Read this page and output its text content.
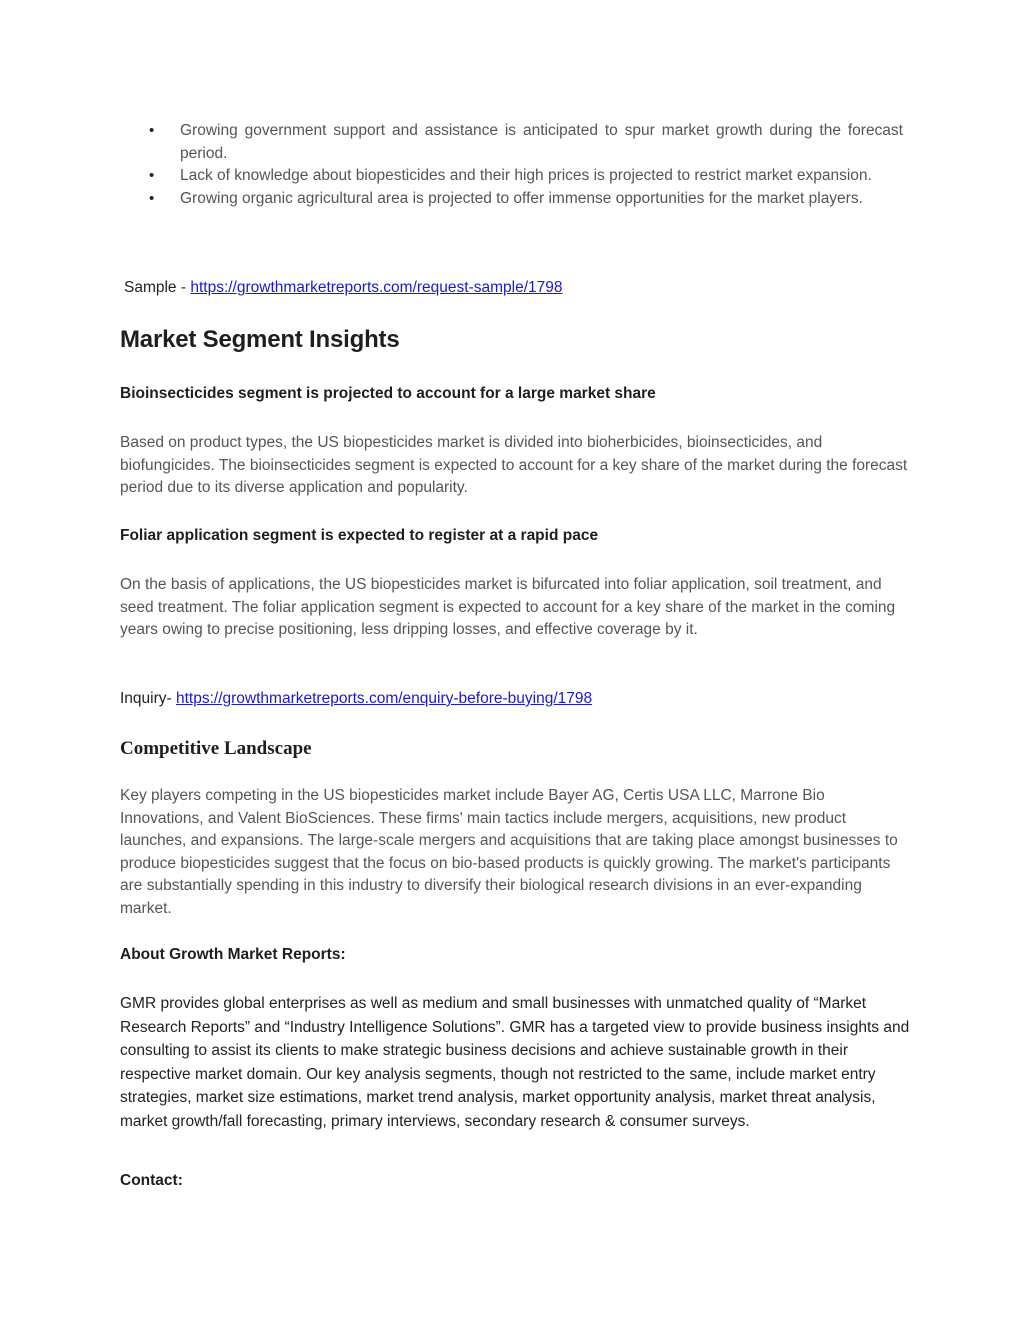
• Growing government support and assistance is anticipated to spur market growth during the forecast period.
• Lack of knowledge about biopesticides and their high prices is projected to restrict market expansion.
• Growing organic agricultural area is projected to offer immense opportunities for the market players.
Sample - https://growthmarketreports.com/request-sample/1798
Market Segment Insights
Bioinsecticides segment is projected to account for a large market share
Based on product types, the US biopesticides market is divided into bioherbicides, bioinsecticides, and biofungicides. The bioinsecticides segment is expected to account for a key share of the market during the forecast period due to its diverse application and popularity.
Foliar application segment is expected to register at a rapid pace
On the basis of applications, the US biopesticides market is bifurcated into foliar application, soil treatment, and seed treatment. The foliar application segment is expected to account for a key share of the market in the coming years owing to precise positioning, less dripping losses, and effective coverage by it.
Inquiry- https://growthmarketreports.com/enquiry-before-buying/1798
Competitive Landscape
Key players competing in the US biopesticides market include Bayer AG, Certis USA LLC, Marrone Bio Innovations, and Valent BioSciences. These firms' main tactics include mergers, acquisitions, new product launches, and expansions. The large-scale mergers and acquisitions that are taking place amongst businesses to produce biopesticides suggest that the focus on bio-based products is quickly growing. The market's participants are substantially spending in this industry to diversify their biological research divisions in an ever-expanding market.
About Growth Market Reports:
GMR provides global enterprises as well as medium and small businesses with unmatched quality of “Market Research Reports” and “Industry Intelligence Solutions”. GMR has a targeted view to provide business insights and consulting to assist its clients to make strategic business decisions and achieve sustainable growth in their respective market domain. Our key analysis segments, though not restricted to the same, include market entry strategies, market size estimations, market trend analysis, market opportunity analysis, market threat analysis, market growth/fall forecasting, primary interviews, secondary research & consumer surveys.
Contact:
